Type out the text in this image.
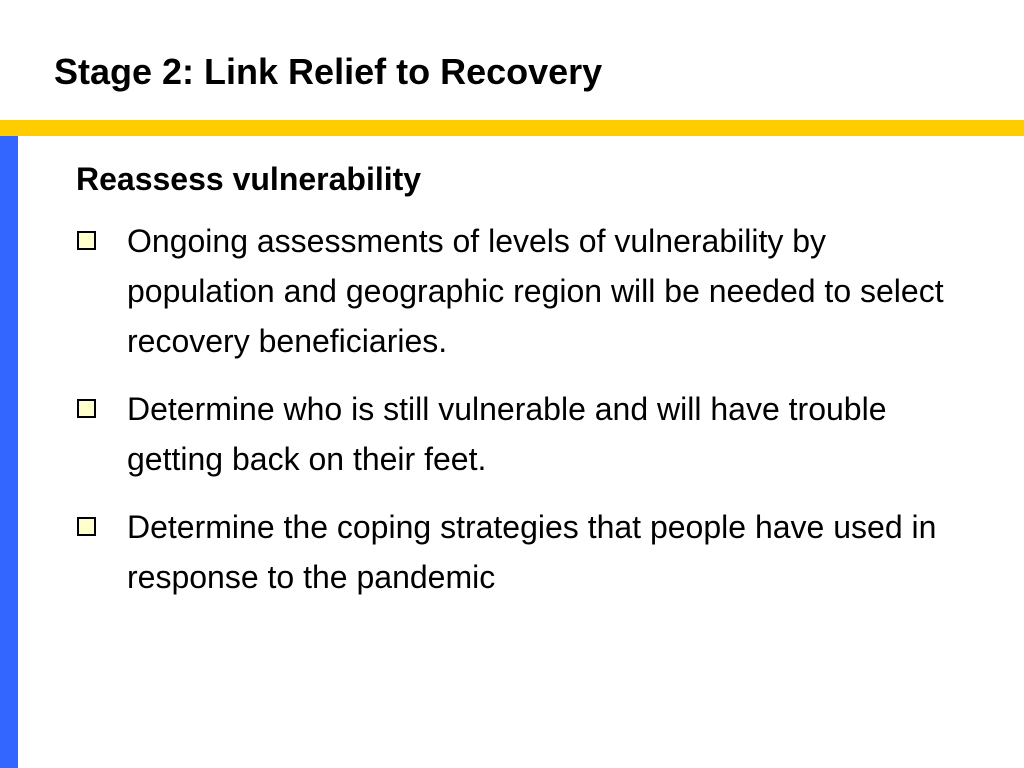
Stage 2: Link Relief to Recovery
Reassess vulnerability
Ongoing assessments of levels of vulnerability by population and geographic region will be needed to select recovery beneficiaries.
Determine who is still vulnerable and will have trouble getting back on their feet.
Determine the coping strategies that people have used in response to the pandemic
